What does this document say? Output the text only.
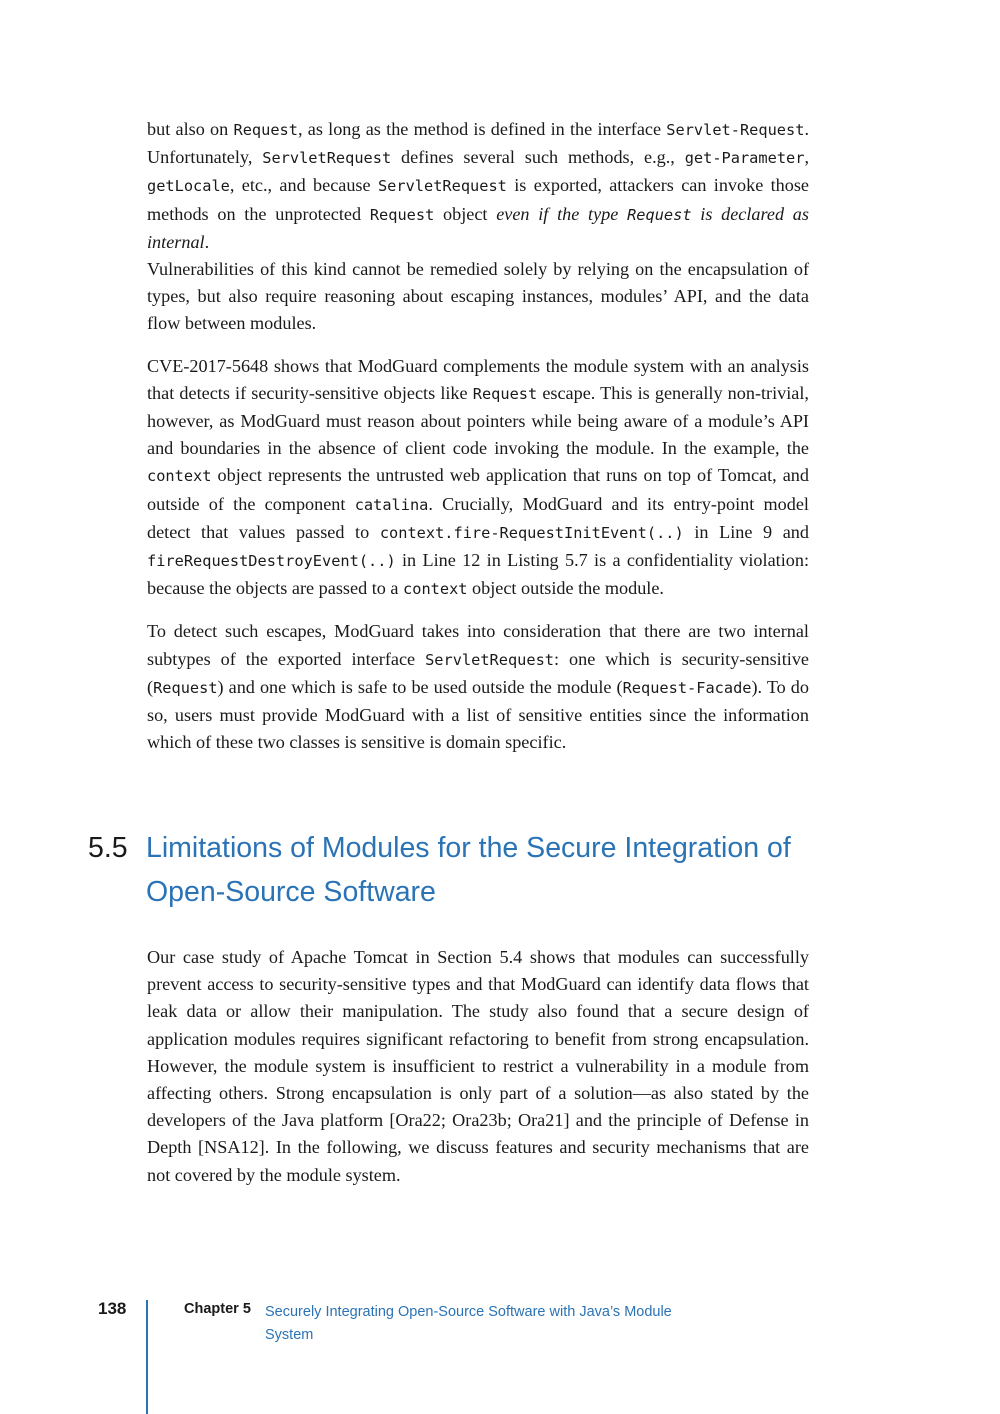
but also on Request, as long as the method is defined in the interface Servlet-Request. Unfortunately, ServletRequest defines several such methods, e.g., get-Parameter, getLocale, etc., and because ServletRequest is exported, attackers can invoke those methods on the unprotected Request object even if the type Request is declared as internal.

Vulnerabilities of this kind cannot be remedied solely by relying on the encapsulation of types, but also require reasoning about escaping instances, modules’ API, and the data flow between modules.

CVE-2017-5648 shows that ModGuard complements the module system with an analysis that detects if security-sensitive objects like Request escape. This is generally non-trivial, however, as ModGuard must reason about pointers while being aware of a module’s API and boundaries in the absence of client code invoking the module. In the example, the context object represents the untrusted web application that runs on top of Tomcat, and outside of the component catalina. Crucially, ModGuard and its entry-point model detect that values passed to context.fire-RequestInitEvent(..) in Line 9 and fireRequestDestroyEvent(..) in Line 12 in Listing 5.7 is a confidentiality violation: because the objects are passed to a context object outside the module.

To detect such escapes, ModGuard takes into consideration that there are two internal subtypes of the exported interface ServletRequest: one which is security-sensitive (Request) and one which is safe to be used outside the module (Request-Facade). To do so, users must provide ModGuard with a list of sensitive entities since the information which of these two classes is sensitive is domain specific.

5.5 Limitations of Modules for the Secure Integration of Open-Source Software

Our case study of Apache Tomcat in Section 5.4 shows that modules can successfully prevent access to security-sensitive types and that ModGuard can identify data flows that leak data or allow their manipulation. The study also found that a secure design of application modules requires significant refactoring to benefit from strong encapsulation. However, the module system is insufficient to restrict a vulnerability in a module from affecting others. Strong encapsulation is only part of a solution—as also stated by the developers of the Java platform [Ora22; Ora23b; Ora21] and the principle of Defense in Depth [NSA12]. In the following, we discuss features and security mechanisms that are not covered by the module system.

138	Chapter 5 Securely Integrating Open-Source Software with Java’s Module System
